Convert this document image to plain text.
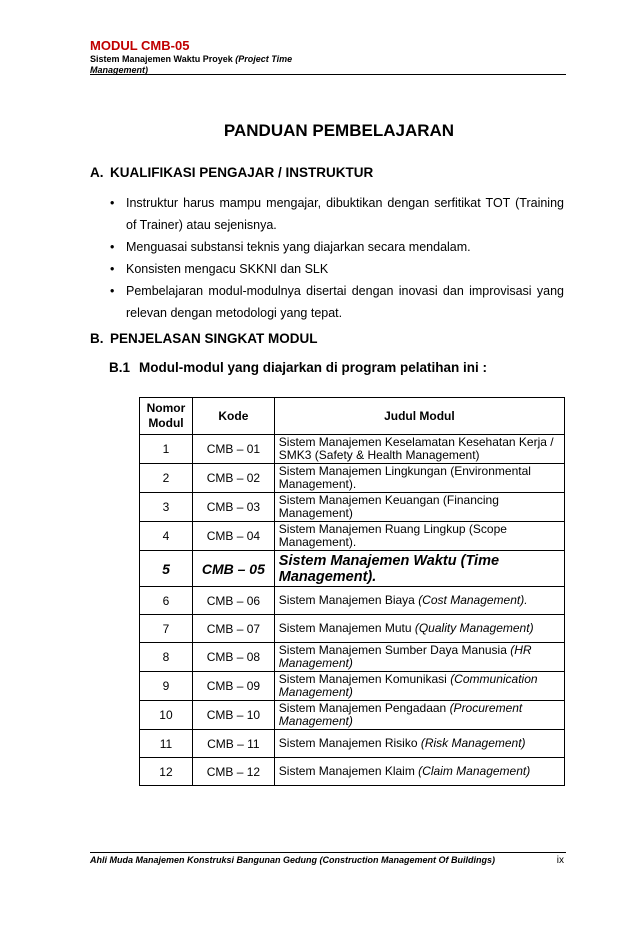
MODUL CMB-05
Sistem Manajemen Waktu Proyek (Project Time
Management)
PANDUAN PEMBELAJARAN
A. KUALIFIKASI PENGAJAR / INSTRUKTUR
• Instruktur harus mampu mengajar, dibuktikan dengan serfitikat TOT (Training of Trainer) atau sejenisnya.
• Menguasai substansi teknis yang diajarkan secara mendalam.
• Konsisten mengacu SKKNI dan SLK
• Pembelajaran modul-modulnya disertai dengan inovasi dan improvisasi yang relevan dengan metodologi yang tepat.
B. PENJELASAN SINGKAT MODUL
B.1 Modul-modul yang diajarkan di program pelatihan ini :
Nomor Modul	Kode	Judul Modul
1	CMB – 01	Sistem Manajemen Keselamatan Kesehatan Kerja / SMK3 (Safety & Health Management)
2	CMB – 02	Sistem Manajemen Lingkungan (Environmental Management).
3	CMB – 03	Sistem Manajemen Keuangan (Financing Management)
4	CMB – 04	Sistem Manajemen Ruang Lingkup (Scope Management).
5	CMB – 05	Sistem Manajemen Waktu (Time Management).
6	CMB – 06	Sistem Manajemen Biaya (Cost Management).
7	CMB – 07	Sistem Manajemen Mutu (Quality Management)
8	CMB – 08	Sistem Manajemen Sumber Daya Manusia (HR Management)
9	CMB – 09	Sistem Manajemen Komunikasi (Communication Management)
10	CMB – 10	Sistem Manajemen Pengadaan (Procurement Management)
11	CMB – 11	Sistem Manajemen Risiko (Risk Management)
12	CMB – 12	Sistem Manajemen Klaim (Claim Management)
Ahli Muda Manajemen Konstruksi Bangunan Gedung (Construction Management Of Buildings)	ix
